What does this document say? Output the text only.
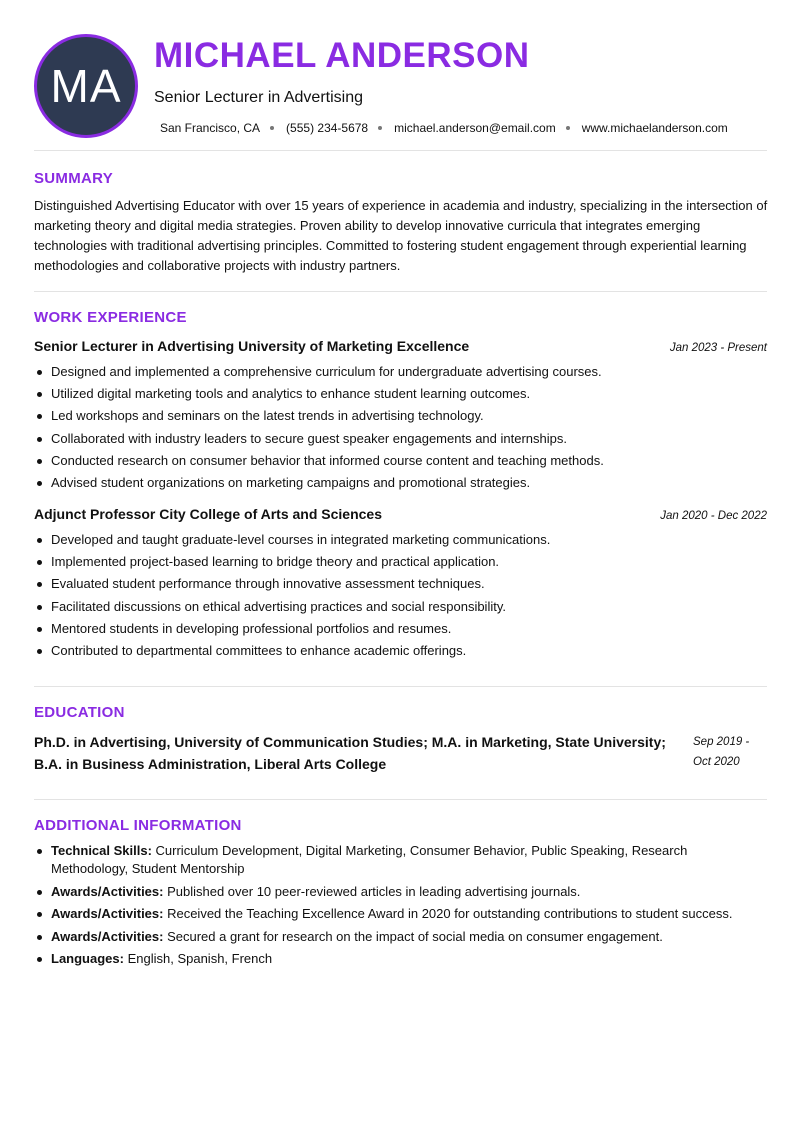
MA
MICHAEL ANDERSON
Senior Lecturer in Advertising
San Francisco, CA (555) 234-5678 michael.anderson@email.com www.michaelanderson.com
SUMMARY
Distinguished Advertising Educator with over 15 years of experience in academia and industry, specializing in the intersection of marketing theory and digital media strategies. Proven ability to develop innovative curricula that integrates emerging technologies with traditional advertising principles. Committed to fostering student engagement through experiential learning methodologies and collaborative projects with industry partners.
WORK EXPERIENCE
Senior Lecturer in Advertising University of Marketing Excellence	Jan 2023 - Present
Designed and implemented a comprehensive curriculum for undergraduate advertising courses.
Utilized digital marketing tools and analytics to enhance student learning outcomes.
Led workshops and seminars on the latest trends in advertising technology.
Collaborated with industry leaders to secure guest speaker engagements and internships.
Conducted research on consumer behavior that informed course content and teaching methods.
Advised student organizations on marketing campaigns and promotional strategies.
Adjunct Professor City College of Arts and Sciences	Jan 2020 - Dec 2022
Developed and taught graduate-level courses in integrated marketing communications.
Implemented project-based learning to bridge theory and practical application.
Evaluated student performance through innovative assessment techniques.
Facilitated discussions on ethical advertising practices and social responsibility.
Mentored students in developing professional portfolios and resumes.
Contributed to departmental committees to enhance academic offerings.
EDUCATION
Ph.D. in Advertising, University of Communication Studies; M.A. in Marketing, State University; B.A. in Business Administration, Liberal Arts College
Sep 2019 - Oct 2020
ADDITIONAL INFORMATION
Technical Skills: Curriculum Development, Digital Marketing, Consumer Behavior, Public Speaking, Research Methodology, Student Mentorship
Awards/Activities: Published over 10 peer-reviewed articles in leading advertising journals.
Awards/Activities: Received the Teaching Excellence Award in 2020 for outstanding contributions to student success.
Awards/Activities: Secured a grant for research on the impact of social media on consumer engagement.
Languages: English, Spanish, French
